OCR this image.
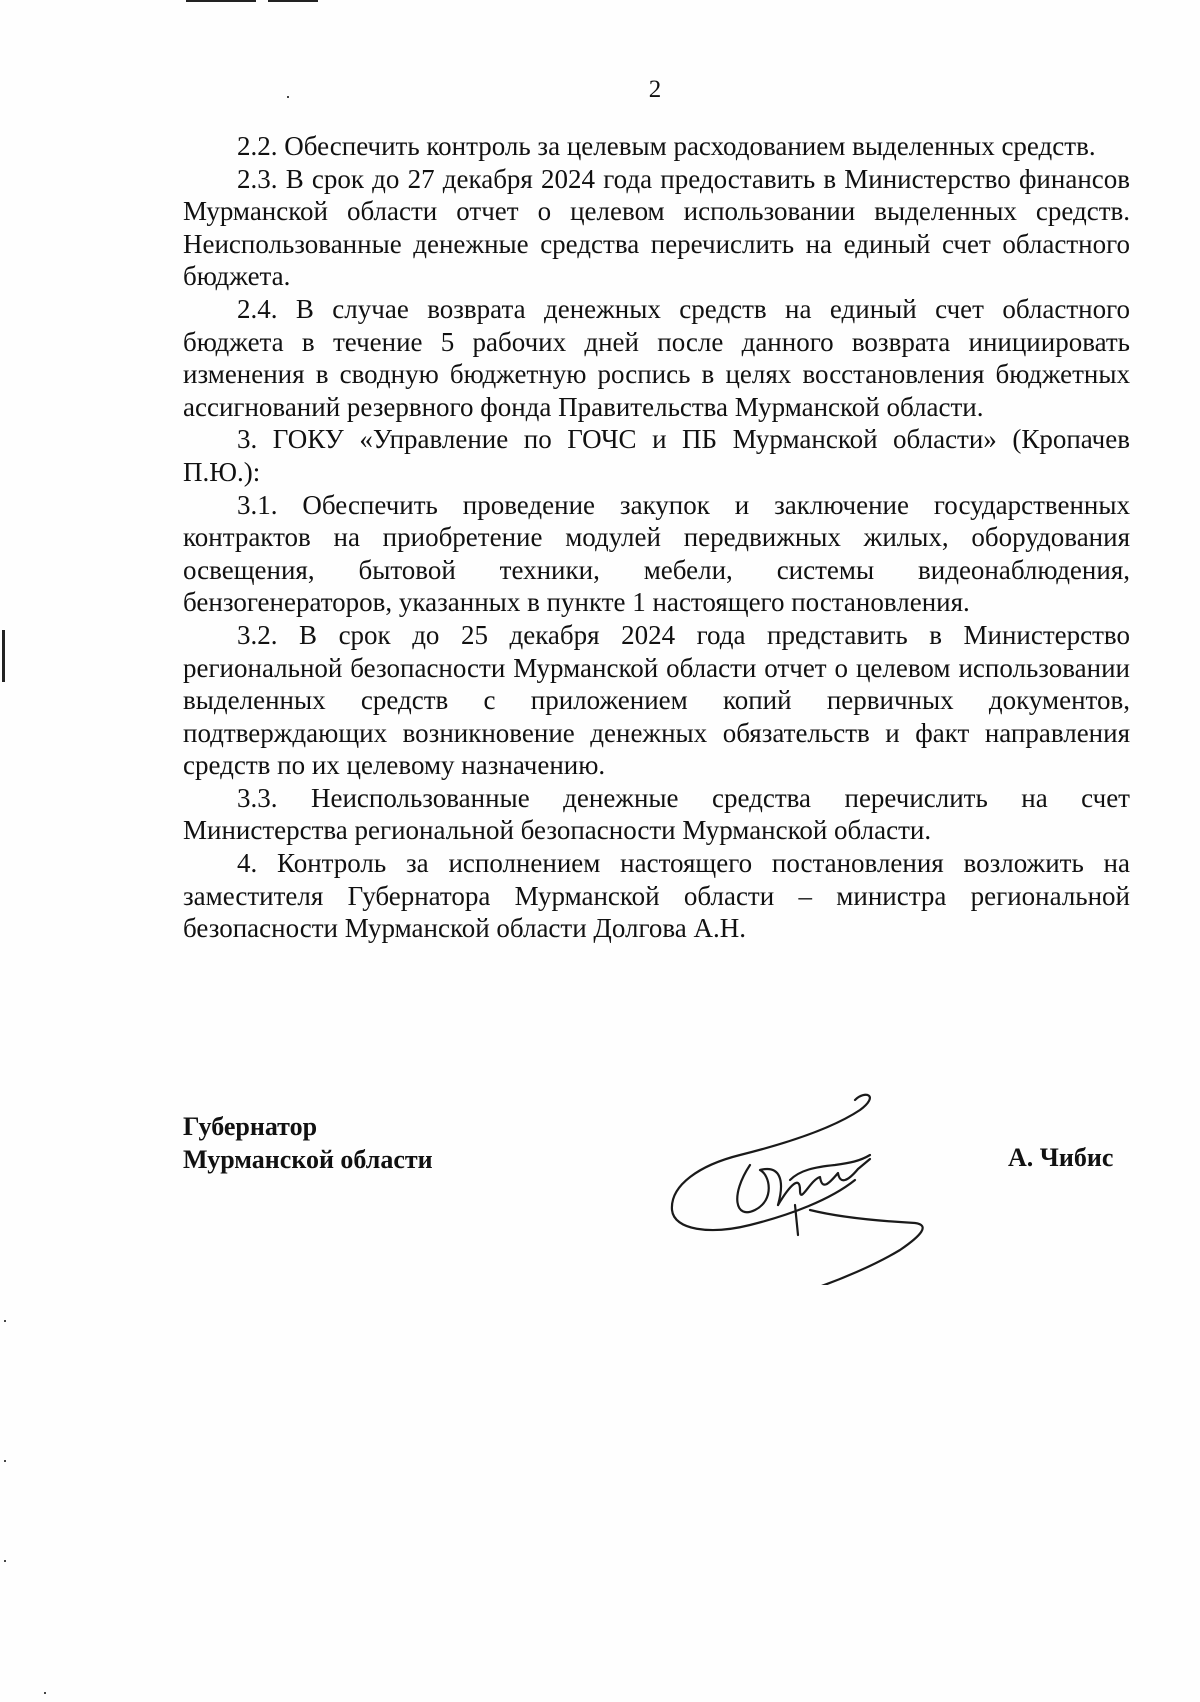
2

2.2. Обеспечить контроль за целевым расходованием выделенных средств.

2.3. В срок до 27 декабря 2024 года предоставить в Министерство финансов Мурманской области отчет о целевом использовании выделенных средств. Неиспользованные денежные средства перечислить на единый счет областного бюджета.

2.4. В случае возврата денежных средств на единый счет областного бюджета в течение 5 рабочих дней после данного возврата инициировать изменения в сводную бюджетную роспись в целях восстановления бюджетных ассигнований резервного фонда Правительства Мурманской области.

3. ГОКУ «Управление по ГОЧС и ПБ Мурманской области» (Кропачев П.Ю.):

3.1. Обеспечить проведение закупок и заключение государственных контрактов на приобретение модулей передвижных жилых, оборудования освещения, бытовой техники, мебели, системы видеонаблюдения, бензогенераторов, указанных в пункте 1 настоящего постановления.

3.2. В срок до 25 декабря 2024 года представить в Министерство региональной безопасности Мурманской области отчет о целевом использовании выделенных средств с приложением копий первичных документов, подтверждающих возникновение денежных обязательств и факт направления средств по их целевому назначению.

3.3. Неиспользованные денежные средства перечислить на счет Министерства региональной безопасности Мурманской области.

4. Контроль за исполнением настоящего постановления возложить на заместителя Губернатора Мурманской области – министра региональной безопасности Мурманской области Долгова А.Н.

Губернатор
Мурманской области	А. Чибис
